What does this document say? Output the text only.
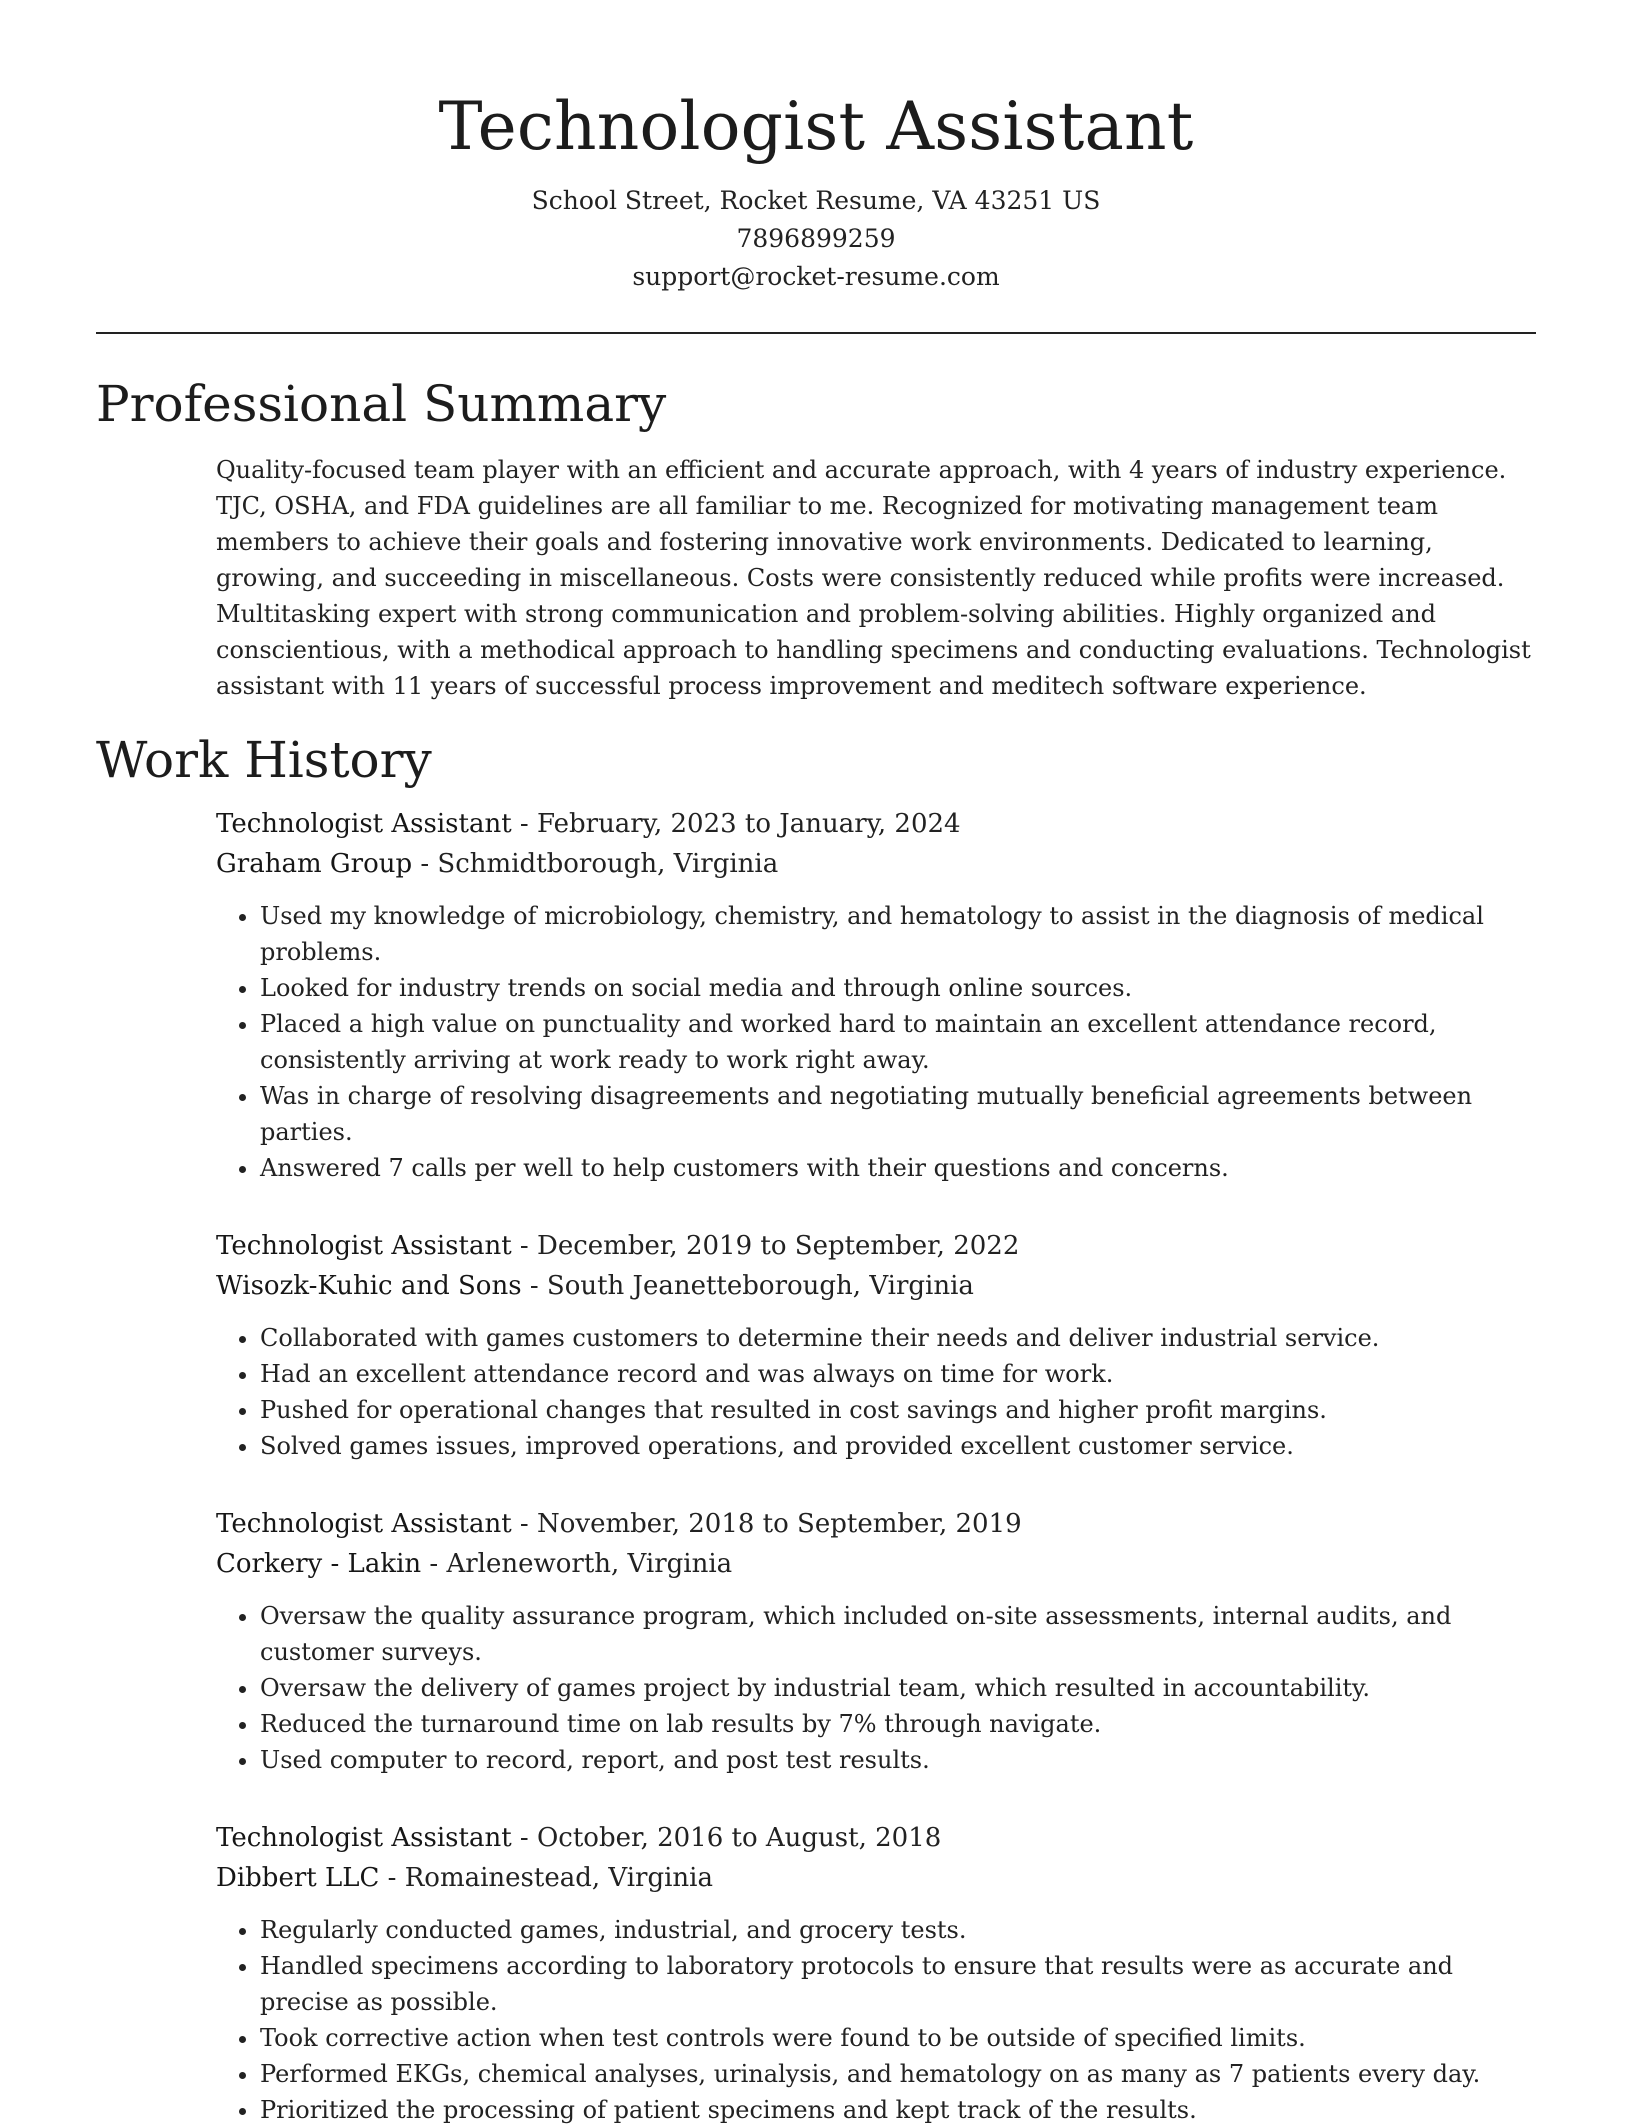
Technologist Assistant
School Street, Rocket Resume, VA 43251 US
7896899259
support@rocket-resume.com
Professional Summary
Quality-focused team player with an efficient and accurate approach, with 4 years of industry experience. TJC, OSHA, and FDA guidelines are all familiar to me. Recognized for motivating management team members to achieve their goals and fostering innovative work environments. Dedicated to learning, growing, and succeeding in miscellaneous. Costs were consistently reduced while profits were increased. Multitasking expert with strong communication and problem-solving abilities. Highly organized and conscientious, with a methodical approach to handling specimens and conducting evaluations. Technologist assistant with 11 years of successful process improvement and meditech software experience.
Work History
Technologist Assistant - February, 2023 to January, 2024
Graham Group - Schmidtborough, Virginia
• Used my knowledge of microbiology, chemistry, and hematology to assist in the diagnosis of medical problems.
• Looked for industry trends on social media and through online sources.
• Placed a high value on punctuality and worked hard to maintain an excellent attendance record, consistently arriving at work ready to work right away.
• Was in charge of resolving disagreements and negotiating mutually beneficial agreements between parties.
• Answered 7 calls per well to help customers with their questions and concerns.
Technologist Assistant - December, 2019 to September, 2022
Wisozk-Kuhic and Sons - South Jeanetteborough, Virginia
• Collaborated with games customers to determine their needs and deliver industrial service.
• Had an excellent attendance record and was always on time for work.
• Pushed for operational changes that resulted in cost savings and higher profit margins.
• Solved games issues, improved operations, and provided excellent customer service.
Technologist Assistant - November, 2018 to September, 2019
Corkery - Lakin - Arleneworth, Virginia
• Oversaw the quality assurance program, which included on-site assessments, internal audits, and customer surveys.
• Oversaw the delivery of games project by industrial team, which resulted in accountability.
• Reduced the turnaround time on lab results by 7% through navigate.
• Used computer to record, report, and post test results.
Technologist Assistant - October, 2016 to August, 2018
Dibbert LLC - Romainestead, Virginia
• Regularly conducted games, industrial, and grocery tests.
• Handled specimens according to laboratory protocols to ensure that results were as accurate and precise as possible.
• Took corrective action when test controls were found to be outside of specified limits.
• Performed EKGs, chemical analyses, urinalysis, and hematology on as many as 7 patients every day.
• Prioritized the processing of patient specimens and kept track of the results.
